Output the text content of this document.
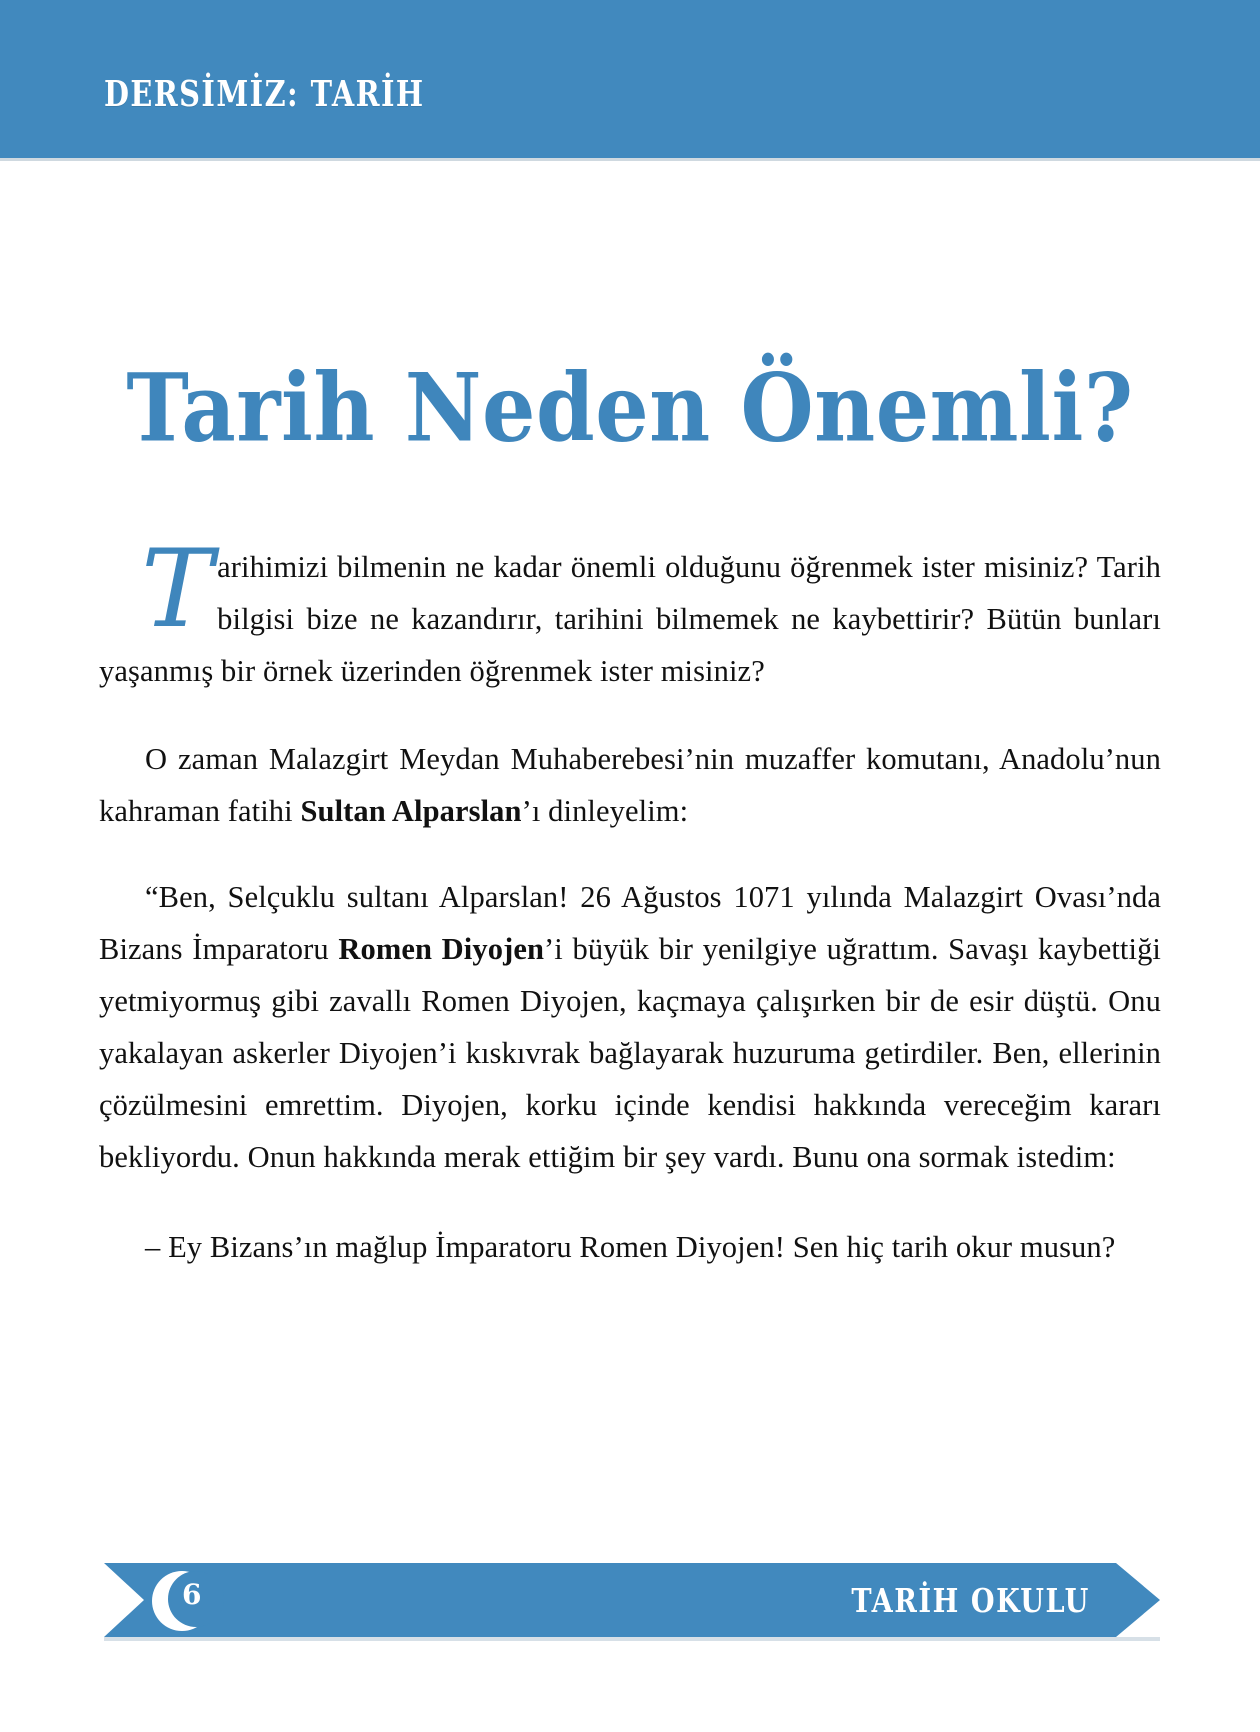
DERSİMİZ: TARİH
Tarih Neden Önemli?

Tarihimizi bilmenin ne kadar önemli olduğunu öğrenmek ister misiniz? Tarih bilgisi bize ne kazandırır, tarihini bilmemek ne kaybettirir? Bütün bunları yaşanmış bir örnek üzerinden öğrenmek ister misiniz?

O zaman Malazgirt Meydan Muhaberebesi’nin muzaffer komutanı, Anadolu’nun kahraman fatihi Sultan Alparslan’ı dinleyelim:

“Ben, Selçuklu sultanı Alparslan! 26 Ağustos 1071 yılında Malazgirt Ovası’nda Bizans İmparatoru Romen Diyojen’i büyük bir yenilgiye uğrattım. Savaşı kaybettiği yetmiyormuş gibi zavallı Romen Diyojen, kaçmaya çalışırken bir de esir düştü. Onu yakalayan askerler Diyojen’i kıskıvrak bağlayarak huzuruma getirdiler. Ben, ellerinin çözülmesini emrettim. Diyojen, korku içinde kendisi hakkında vereceğim kararı bekliyordu. Onun hakkında merak ettiğim bir şey vardı. Bunu ona sormak istedim:

– Ey Bizans’ın mağlup İmparatoru Romen Diyojen! Sen hiç tarih okur musun?

6	TARİH OKULU
